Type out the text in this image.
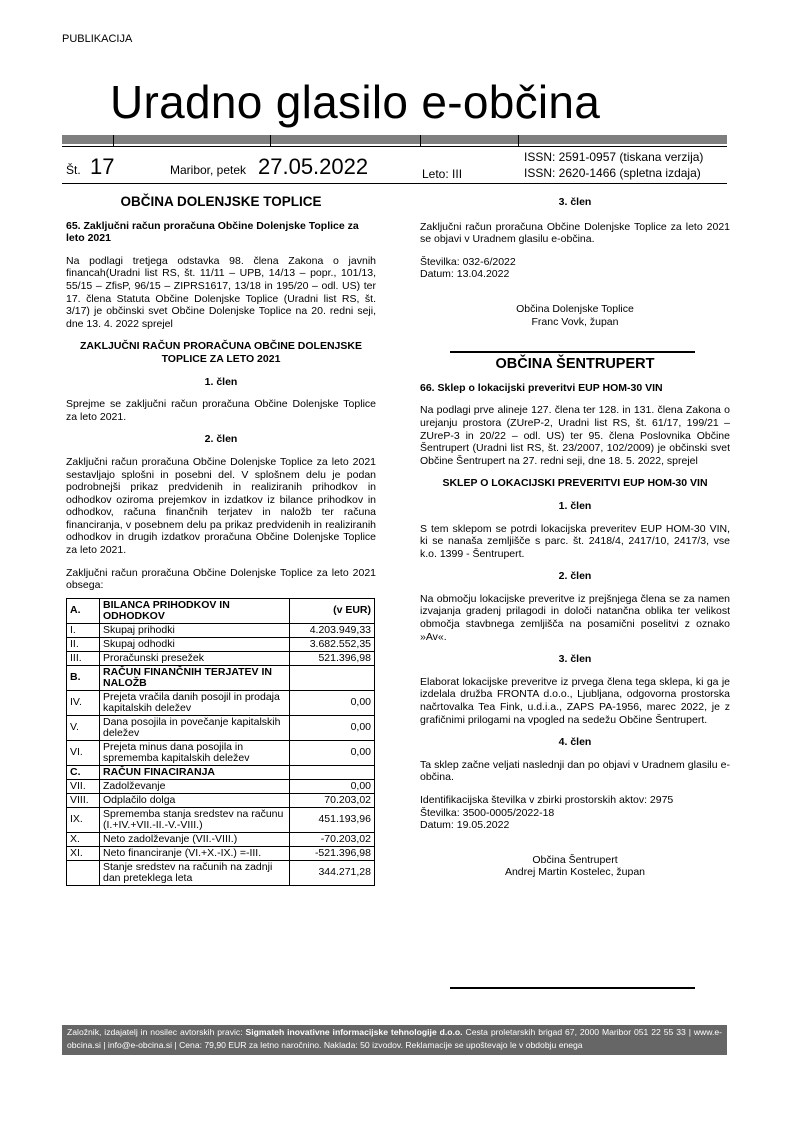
PUBLIKACIJA
Uradno glasilo e-občina
Št. 17	Maribor, petek 27.05.2022	Leto: III
ISSN: 2591-0957 (tiskana verzija)
ISSN: 2620-1466 (spletna izdaja)

OBČINA DOLENJSKE TOPLICE

65. Zaključni račun proračuna Občine Dolenjske Toplice za leto 2021

Na podlagi tretjega odstavka 98. člena Zakona o javnih financah(Uradni list RS, št. 11/11 – UPB, 14/13 – popr., 101/13, 55/15 – ZfisP, 96/15 – ZIPRS1617, 13/18 in 195/20 – odl. US) ter 17. člena Statuta Občine Dolenjske Toplice (Uradni list RS, št. 3/17) je občinski svet Občine Dolenjske Toplice na 20. redni seji, dne 13. 4. 2022 sprejel

ZAKLJUČNI RAČUN PRORAČUNA OBČINE DOLENJSKE TOPLICE ZA LETO 2021

1. člen

Sprejme se zaključni račun proračuna Občine Dolenjske Toplice za leto 2021.

2. člen

Zaključni račun proračuna Občine Dolenjske Toplice za leto 2021 sestavljajo splošni in posebni del. V splošnem delu je podan podrobnejši prikaz predvidenih in realiziranih prihodkov in odhodkov oziroma prejemkov in izdatkov iz bilance prihodkov in odhodkov, računa finančnih terjatev in naložb ter računa financiranja, v posebnem delu pa prikaz predvidenih in realiziranih odhodkov in drugih izdatkov proračuna Občine Dolenjske Toplice za leto 2021.

Zaključni račun proračuna Občine Dolenjske Toplice za leto 2021 obsega:

A.	BILANCA PRIHODKOV IN ODHODKOV	(v EUR)
I.	Skupaj prihodki	4.203.949,33
II.	Skupaj odhodki	3.682.552,35
III.	Proračunski presežek	521.396,98
B.	RAČUN FINANČNIH TERJATEV IN NALOŽB	
IV.	Prejeta vračila danih posojil in prodaja kapitalskih deležev	0,00
V.	Dana posojila in povečanje kapitalskih deležev	0,00
VI.	Prejeta minus dana posojila in sprememba kapitalskih deležev	0,00
C.	RAČUN FINACIRANJA	
VII.	Zadolževanje	0,00
VIII.	Odplačilo dolga	70.203,02
IX.	Sprememba stanja sredstev na računu (I.+IV.+VII.-II.-V.-VIII.)	451.193,96
X.	Neto zadolževanje (VII.-VIII.)	-70.203,02
XI.	Neto financiranje (VI.+X.-IX.) =-III.	-521.396,98
	Stanje sredstev na računih na zadnji dan preteklega leta	344.271,28

3. člen

Zaključni račun proračuna Občine Dolenjske Toplice za leto 2021 se objavi v Uradnem glasilu e-občina.

Številka: 032-6/2022

Datum: 13.04.2022

Občina Dolenjske Toplice

Franc Vovk, župan

OBČINA ŠENTRUPERT

66. Sklep o lokacijski preveritvi EUP HOM-30 VIN

Na podlagi prve alineje 127. člena ter 128. in 131. člena Zakona o urejanju prostora (ZUreP-2, Uradni list RS, št. 61/17, 199/21 – ZUreP-3 in 20/22 – odl. US) ter 95. člena Poslovnika Občine Šentrupert (Uradni list RS, št. 23/2007, 102/2009) je občinski svet Občine Šentrupert na 27. redni seji, dne 18. 5. 2022, sprejel

SKLEP O LOKACIJSKI PREVERITVI EUP HOM-30 VIN

1. člen

S tem sklepom se potrdi lokacijska preveritev EUP HOM-30 VIN, ki se nanaša zemljišče s parc. št. 2418/4, 2417/10, 2417/3, vse k.o. 1399 - Šentrupert.

2. člen

Na območju lokacijske preveritve iz prejšnjega člena se za namen izvajanja gradenj prilagodi in določi natančna oblika ter velikost območja stavbnega zemljišča na posamični poselitvi z oznako »Av«.

3. člen

Elaborat lokacijske preveritve iz prvega člena tega sklepa, ki ga je izdelala družba FRONTA d.o.o., Ljubljana, odgovorna prostorska načrtovalka Tea Fink, u.d.i.a., ZAPS PA-1956, marec 2022, je z grafičnimi prilogami na vpogled na sedežu Občine Šentrupert.

4. člen

Ta sklep začne veljati naslednji dan po objavi v Uradnem glasilu e-občina.

Identifikacijska številka v zbirki prostorskih aktov: 2975

Številka: 3500-0005/2022-18

Datum: 19.05.2022

Občina Šentrupert

Andrej Martin Kostelec, župan

Založnik, izdajatelj in nosilec avtorskih pravic: Sigmateh inovativne informacijske tehnologije d.o.o. Cesta proletarskih brigad 67, 2000 Maribor 051 22 55 33 | www.e-obcina.si | info@e-obcina.si | Cena: 79,90 EUR za letno naročnino. Naklada: 50 izvodov. Reklamacije se upoštevajo le v obdobju enega
